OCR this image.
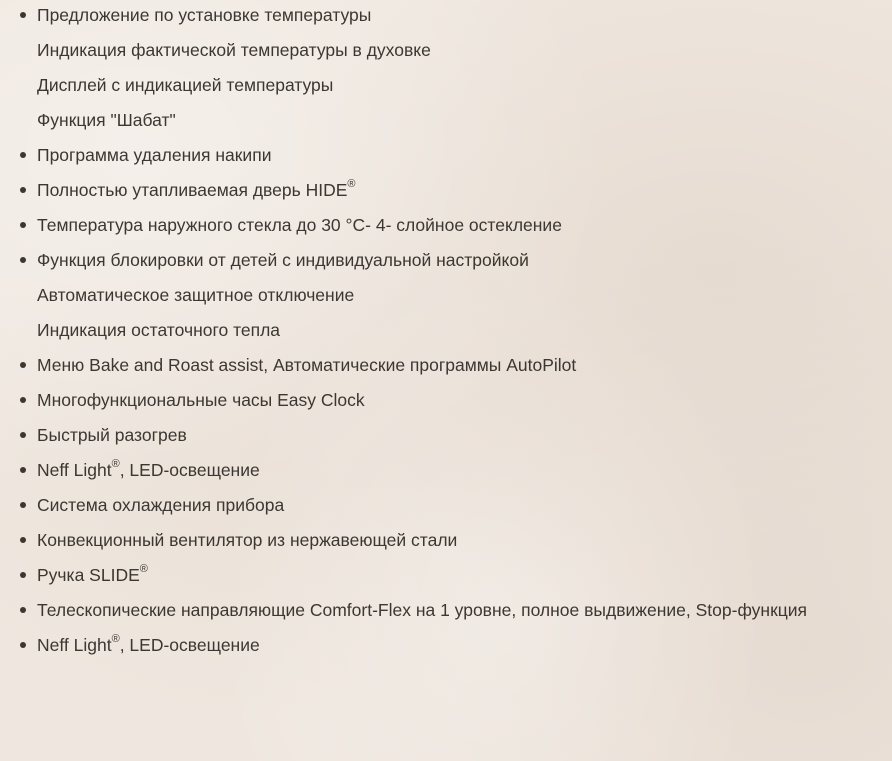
Предложение по установке температуры
Индикация фактической температуры в духовке
Дисплей с индикацией температуры
Функция "Шабат"
Программа удаления накипи
Полностью утапливаемая дверь HIDE®
Температура наружного стекла до 30 °C- 4- слойное остекление
Функция блокировки от детей с индивидуальной настройкой
Автоматическое защитное отключение
Индикация остаточного тепла
Меню Bake and Roast assist, Автоматические программы AutoPilot
Многофункциональные часы Easy Clock
Быстрый разогрев
Neff Light®, LED-освещение
Система охлаждения прибора
Конвекционный вентилятор из нержавеющей стали
Ручка SLIDE®
Телескопические направляющие Comfort-Flex на 1 уровне, полное выдвижение, Stop-функция
Neff Light®, LED-освещение
